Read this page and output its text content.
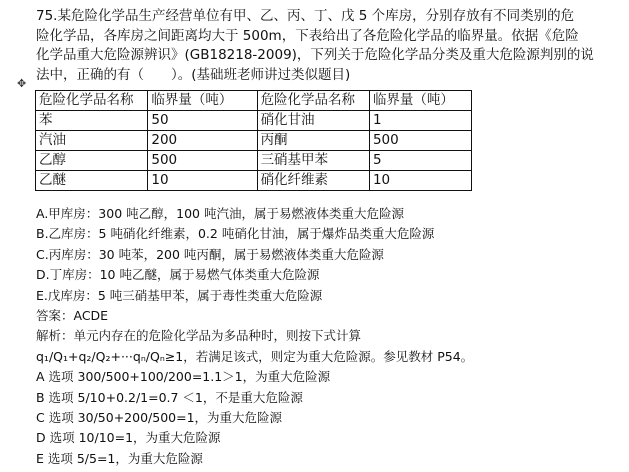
75.某危险化学品生产经营单位有甲、乙、丙、丁、戊 5 个库房，分别存放有不同类别的危
险化学品，各库房之间距离均大于 500m，下表给出了各危险化学品的临界量。依据《危险
化学品重大危险源辨识》(GB18218-2009)，下列关于危险化学品分类及重大危险源判别的说
法中，正确的有（　　）。(基础班老师讲过类似题目)
✥
危险化学品名称	临界量（吨）	危险化学品名称	临界量（吨）
苯	50	硝化甘油	1
汽油	200	丙酮	500
乙醇	500	三硝基甲苯	5
乙醚	10	硝化纤维素	10
A.甲库房：300 吨乙醇，100 吨汽油，属于易燃液体类重大危险源
B.乙库房：5 吨硝化纤维素，0.2 吨硝化甘油，属于爆炸品类重大危险源
C.丙库房：30 吨苯，200 吨丙酮，属于易燃液体类重大危险源
D.丁库房：10 吨乙醚，属于易燃气体类重大危险源
E.戊库房：5 吨三硝基甲苯，属于毒性类重大危险源
答案：ACDE
解析：单元内存在的危险化学品为多品种时，则按下式计算
q₁/Q₁+q₂/Q₂+···qₙ/Qₙ≥1，若满足该式，则定为重大危险源。参见教材 P54。
A 选项 300/500+100/200=1.1＞1，为重大危险源
B 选项 5/10+0.2/1=0.7 ＜1，不是重大危险源
C 选项 30/50+200/500=1，为重大危险源
D 选项 10/10=1，为重大危险源
E 选项 5/5=1，为重大危险源
